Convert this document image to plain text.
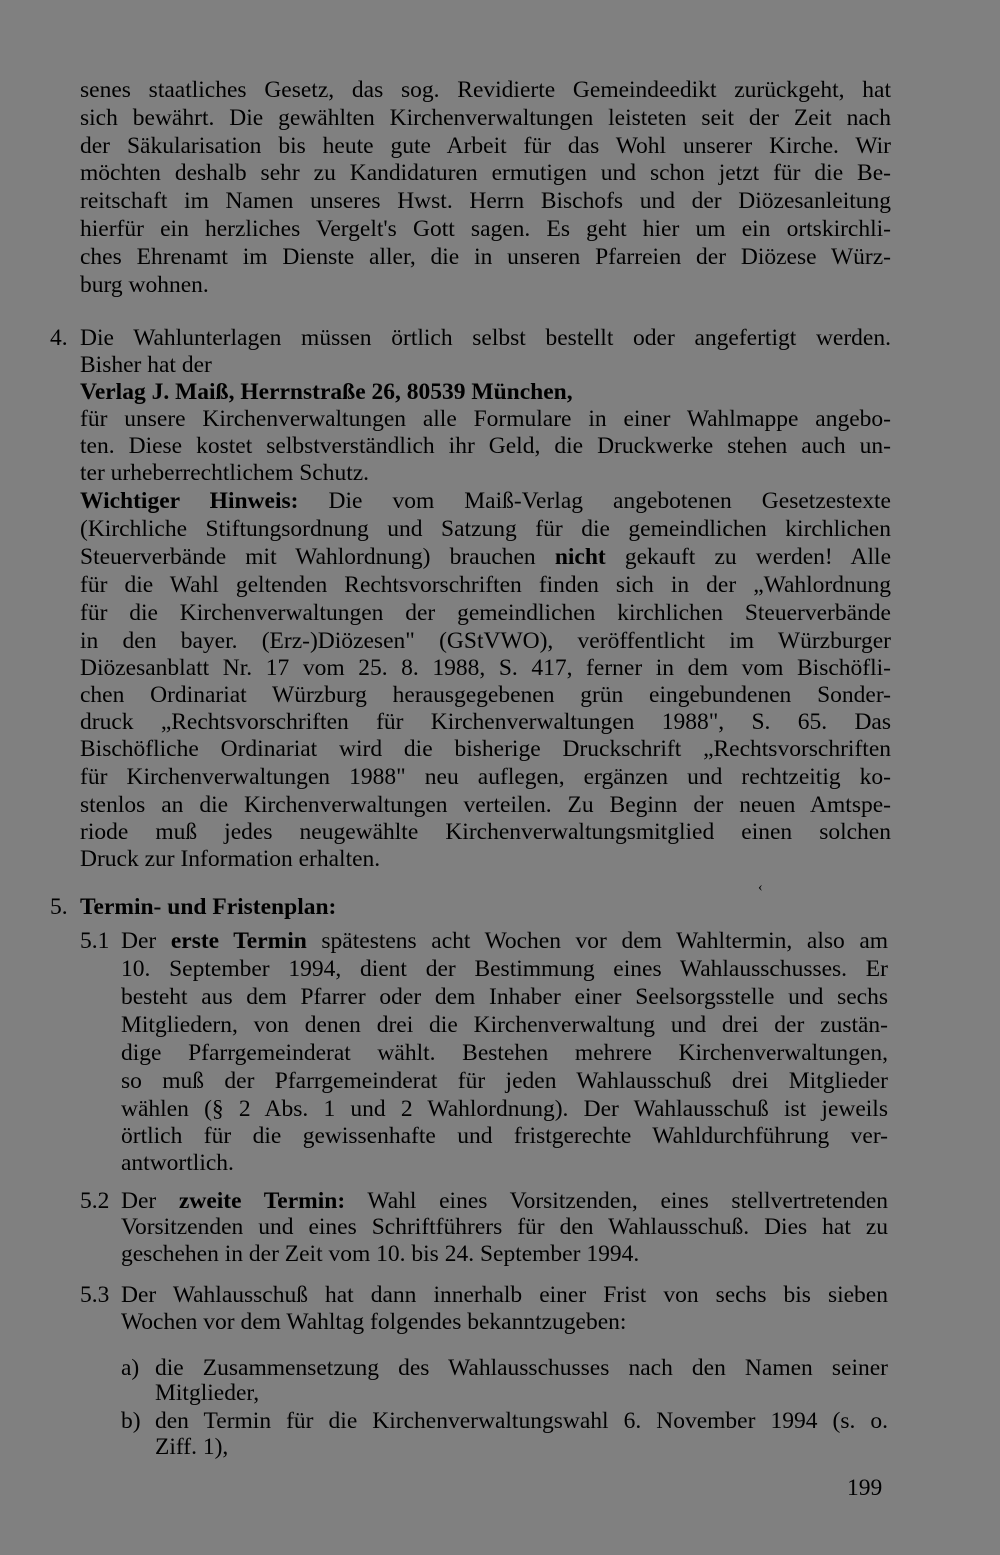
senes staatliches Gesetz, das sog. Revidierte Gemeindeedikt zurückgeht, hat
sich bewährt. Die gewählten Kirchenverwaltungen leisteten seit der Zeit nach
der Säkularisation bis heute gute Arbeit für das Wohl unserer Kirche. Wir
möchten deshalb sehr zu Kandidaturen ermutigen und schon jetzt für die Be-
reitschaft im Namen unseres Hwst. Herrn Bischofs und der Diözesanleitung
hierfür ein herzliches Vergelt's Gott sagen. Es geht hier um ein ortskirchli-
ches Ehrenamt im Dienste aller, die in unseren Pfarreien der Diözese Würz-
burg wohnen.
4. Die Wahlunterlagen müssen örtlich selbst bestellt oder angefertigt werden.
Bisher hat der
Verlag J. Maiß, Herrnstraße 26, 80539 München,
für unsere Kirchenverwaltungen alle Formulare in einer Wahlmappe angebo-
ten. Diese kostet selbstverständlich ihr Geld, die Druckwerke stehen auch un-
ter urheberrechtlichem Schutz.
Wichtiger Hinweis: Die vom Maiß-Verlag angebotenen Gesetzestexte
(Kirchliche Stiftungsordnung und Satzung für die gemeindlichen kirchlichen
Steuerverbände mit Wahlordnung) brauchen nicht gekauft zu werden! Alle
für die Wahl geltenden Rechtsvorschriften finden sich in der „Wahlordnung
für die Kirchenverwaltungen der gemeindlichen kirchlichen Steuerverbände
in den bayer. (Erz-)Diözesen" (GStVWO), veröffentlicht im Würzburger
Diözesanblatt Nr. 17 vom 25. 8. 1988, S. 417, ferner in dem vom Bischöfli-
chen Ordinariat Würzburg herausgegebenen grün eingebundenen Sonder-
druck „Rechtsvorschriften für Kirchenverwaltungen 1988", S. 65. Das
Bischöfliche Ordinariat wird die bisherige Druckschrift „Rechtsvorschriften
für Kirchenverwaltungen 1988" neu auflegen, ergänzen und rechtzeitig ko-
stenlos an die Kirchenverwaltungen verteilen. Zu Beginn der neuen Amtspe-
riode muß jedes neugewählte Kirchenverwaltungsmitglied einen solchen
Druck zur Information erhalten.
5. Termin- und Fristenplan:
‹
5.1 Der erste Termin spätestens acht Wochen vor dem Wahltermin, also am
10. September 1994, dient der Bestimmung eines Wahlausschusses. Er
besteht aus dem Pfarrer oder dem Inhaber einer Seelsorgsstelle und sechs
Mitgliedern, von denen drei die Kirchenverwaltung und drei der zustän-
dige Pfarrgemeinderat wählt. Bestehen mehrere Kirchenverwaltungen,
so muß der Pfarrgemeinderat für jeden Wahlausschuß drei Mitglieder
wählen (§ 2 Abs. 1 und 2 Wahlordnung). Der Wahlausschuß ist jeweils
örtlich für die gewissenhafte und fristgerechte Wahldurchführung ver-
antwortlich.
5.2 Der zweite Termin: Wahl eines Vorsitzenden, eines stellvertretenden
Vorsitzenden und eines Schriftführers für den Wahlausschuß. Dies hat zu
geschehen in der Zeit vom 10. bis 24. September 1994.
5.3 Der Wahlausschuß hat dann innerhalb einer Frist von sechs bis sieben
Wochen vor dem Wahltag folgendes bekanntzugeben:
a) die Zusammensetzung des Wahlausschusses nach den Namen seiner
Mitglieder,
b) den Termin für die Kirchenverwaltungswahl 6. November 1994 (s. o.
Ziff. 1),
199
